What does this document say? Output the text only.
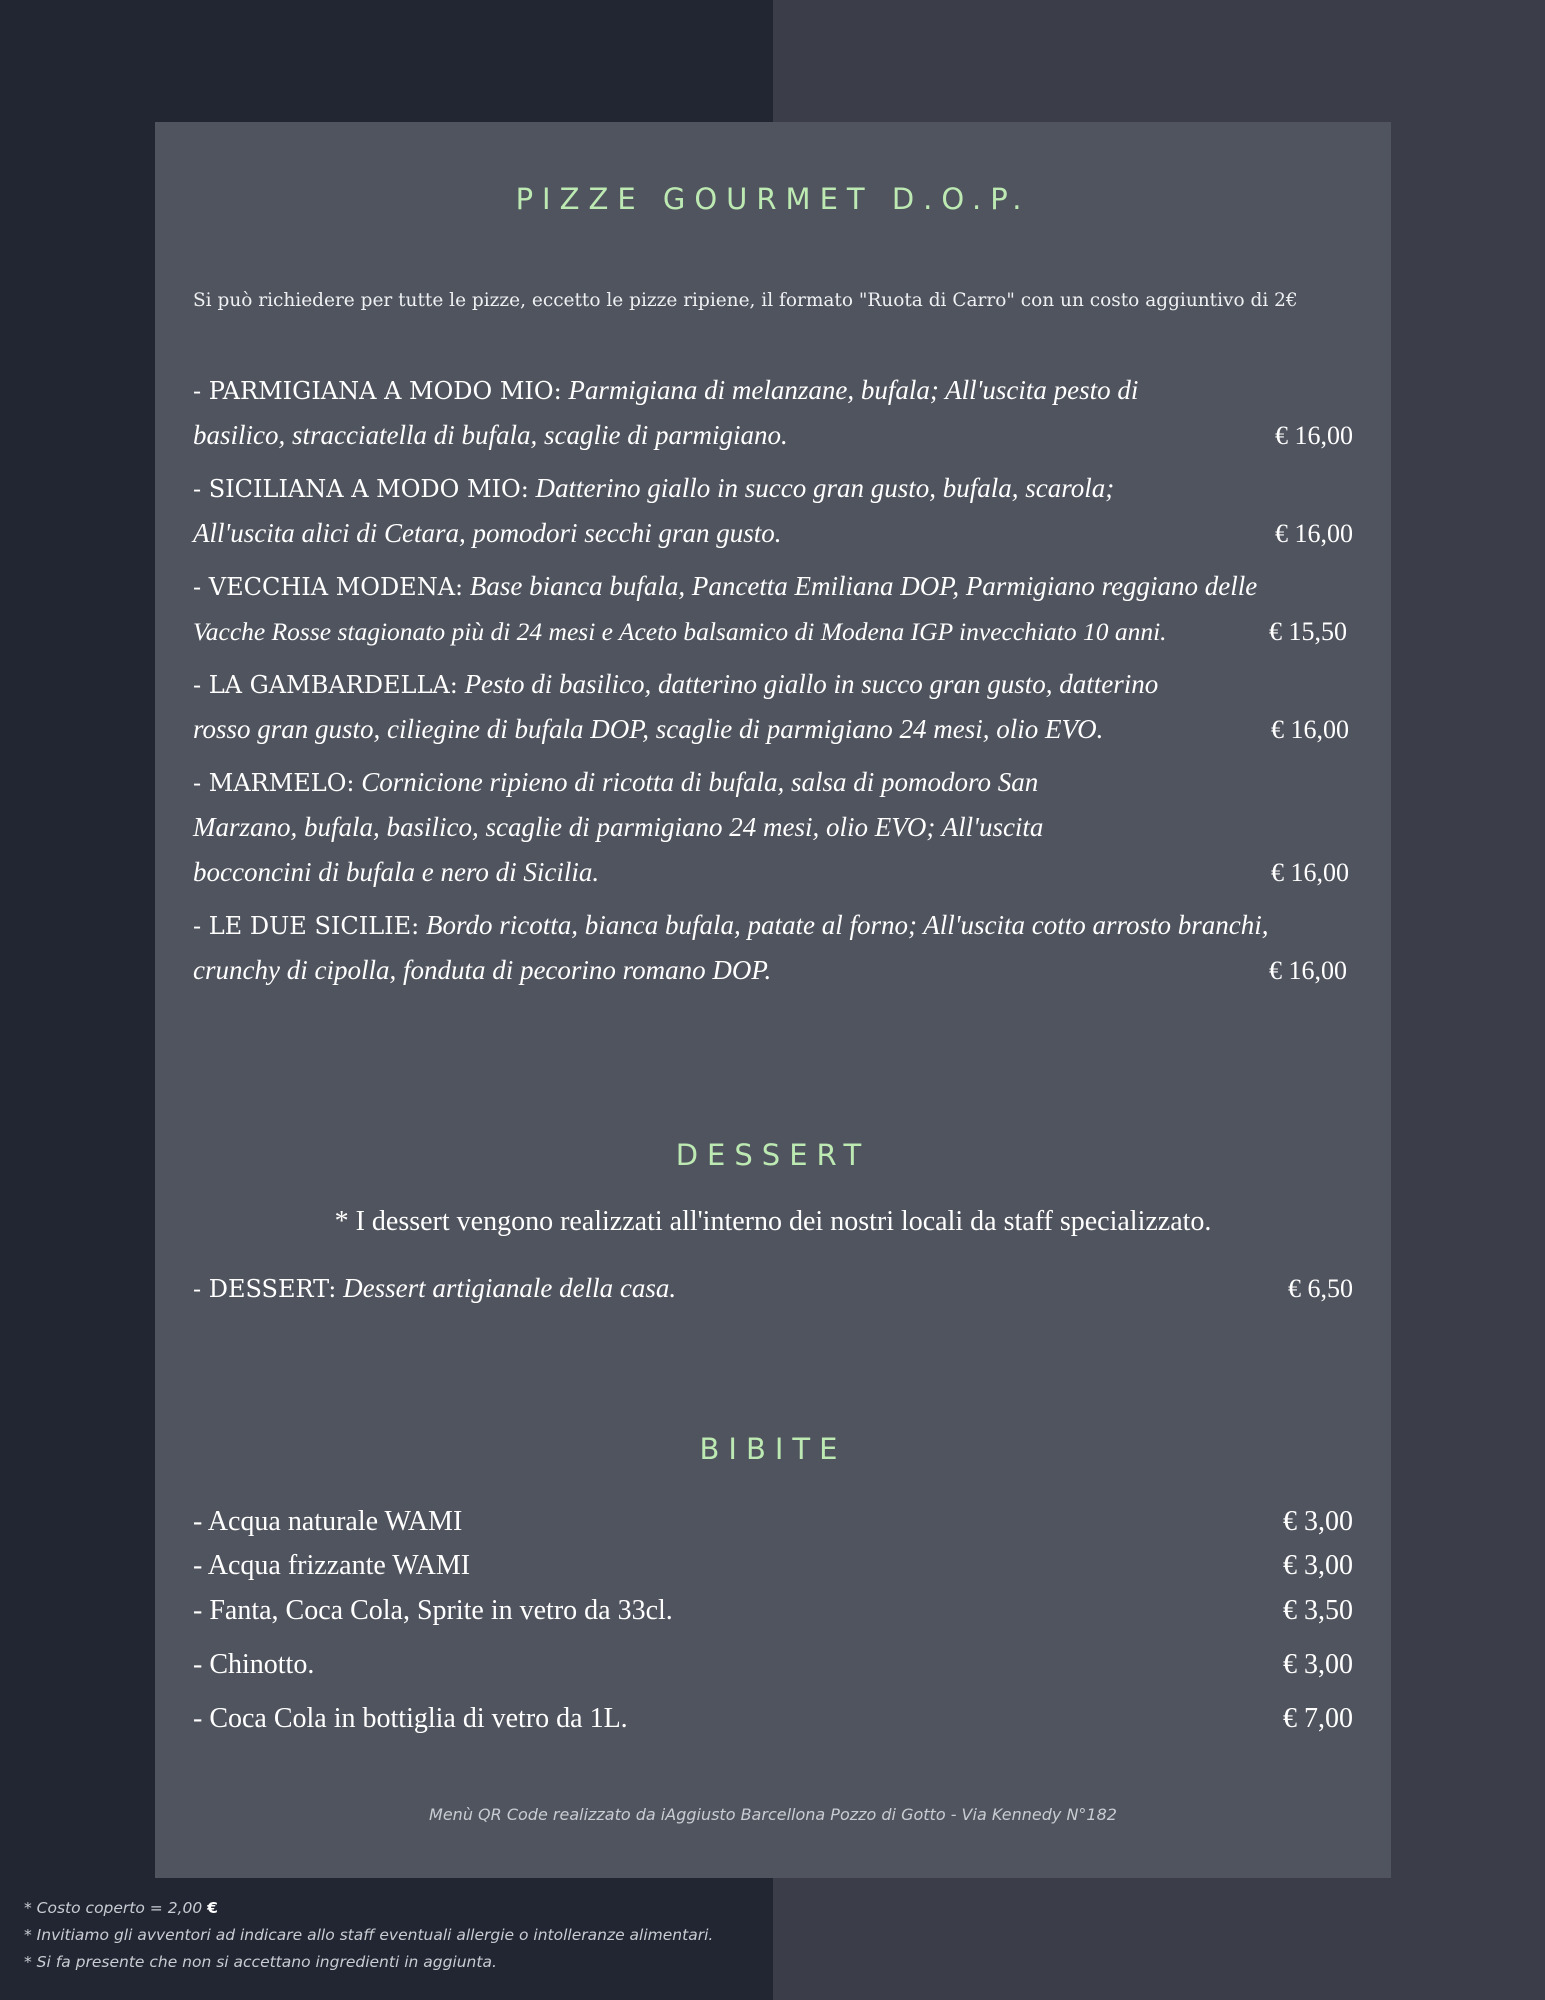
PIZZE GOURMET D.O.P.
Si può richiedere per tutte le pizze, eccetto le pizze ripiene, il formato "Ruota di Carro" con un costo aggiuntivo di 2€
- PARMIGIANA A MODO MIO: Parmigiana di melanzane, bufala; All'uscita pesto di
basilico, stracciatella di bufala, scaglie di parmigiano.	€ 16,00
- SICILIANA A MODO MIO: Datterino giallo in succo gran gusto, bufala, scarola;
All'uscita alici di Cetara, pomodori secchi gran gusto.	€ 16,00
- VECCHIA MODENA: Base bianca bufala, Pancetta Emiliana DOP, Parmigiano reggiano delle
Vacche Rosse stagionato più di 24 mesi e Aceto balsamico di Modena IGP invecchiato 10 anni.	€ 15,50
- LA GAMBARDELLA: Pesto di basilico, datterino giallo in succo gran gusto, datterino
rosso gran gusto, ciliegine di bufala DOP, scaglie di parmigiano 24 mesi, olio EVO.	€ 16,00
- MARMELO: Cornicione ripieno di ricotta di bufala, salsa di pomodoro San
Marzano, bufala, basilico, scaglie di parmigiano 24 mesi, olio EVO; All'uscita
bocconcini di bufala e nero di Sicilia.	€ 16,00
- LE DUE SICILIE: Bordo ricotta, bianca bufala, patate al forno; All'uscita cotto arrosto branchi,
crunchy di cipolla, fonduta di pecorino romano DOP.	€ 16,00
DESSERT
* I dessert vengono realizzati all'interno dei nostri locali da staff specializzato.
- DESSERT: Dessert artigianale della casa.	€ 6,50
BIBITE
- Acqua naturale WAMI	€ 3,00
- Acqua frizzante WAMI	€ 3,00
- Fanta, Coca Cola, Sprite in vetro da 33cl.	€ 3,50
- Chinotto.	€ 3,00
- Coca Cola in bottiglia di vetro da 1L.	€ 7,00
Menù QR Code realizzato da iAggiusto Barcellona Pozzo di Gotto - Via Kennedy N°182
* Costo coperto = 2,00 €
* Invitiamo gli avventori ad indicare allo staff eventuali allergie o intolleranze alimentari.
* Si fa presente che non si accettano ingredienti in aggiunta.
